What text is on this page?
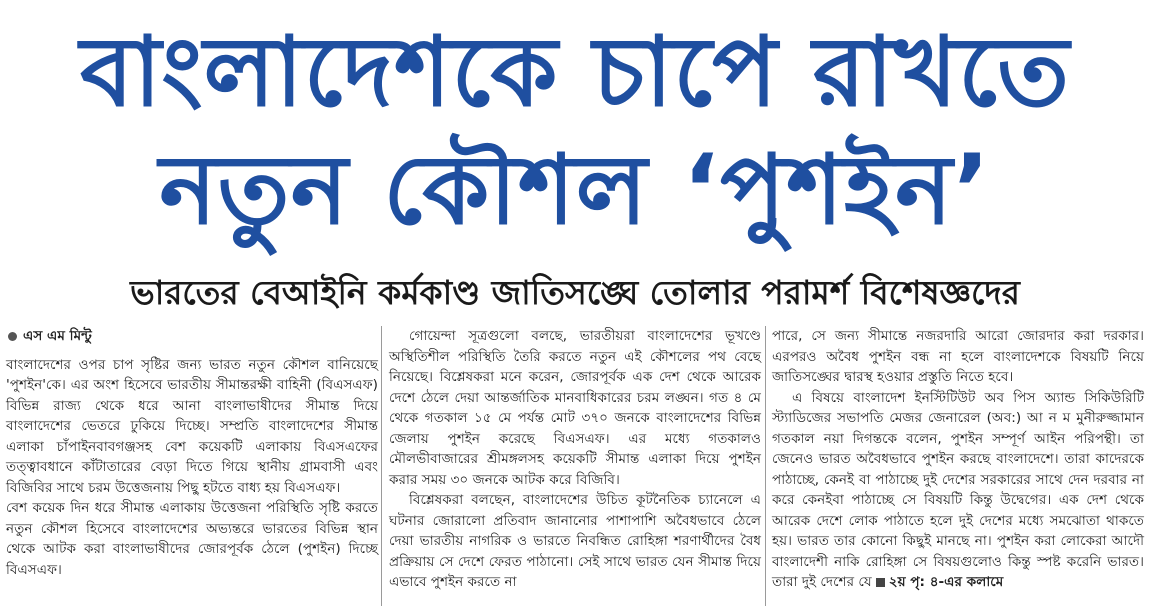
বাংলাদেশকে চাপে রাখতে
নতুন কৌশল ‘পুশইন’
ভারতের বেআইনি কর্মকাণ্ড জাতিসঙ্ঘে তোলার পরামর্শ বিশেষজ্ঞদের

এস এম মিন্টু

বাংলাদেশের ওপর চাপ সৃষ্টির জন্য ভারত নতুন কৌশল বানিয়েছে 'পুশইন'কে। এর অংশ হিসেবে ভারতীয় সীমান্তরক্ষী বাহিনী (বিএসএফ) বিভিন্ন রাজ্য থেকে ধরে আনা বাংলাভাষীদের সীমান্ত দিয়ে বাংলাদেশের ভেতরে ঢুকিয়ে দিচ্ছে। সম্প্রতি বাংলাদেশের সীমান্ত এলাকা চাঁপাইনবাবগঞ্জসহ বেশ কয়েকটি এলাকায় বিএসএফের তত্ত্বাবধানে কাঁটাতারের বেড়া দিতে গিয়ে স্থানীয় গ্রামবাসী এবং বিজিবির সাথে চরম উত্তেজনায় পিছু হটতে বাধ্য হয় বিএসএফ।

বেশ কয়েক দিন ধরে সীমান্ত এলাকায় উত্তেজনা পরিস্থিতি সৃষ্টি করতে নতুন কৌশল হিসেবে বাংলাদেশের অভ্যন্তরে ভারতের বিভিন্ন স্থান থেকে আটক করা বাংলাভাষীদের জোরপূর্বক ঠেলে (পুশইন) দিচ্ছে বিএসএফ।

গোয়েন্দা সূত্রগুলো বলছে, ভারতীয়রা বাংলাদেশের ভূখণ্ডে অস্থিতিশীল পরিস্থিতি তৈরি করতে নতুন এই কৌশলের পথ বেছে নিয়েছে। বিশ্লেষকরা মনে করেন, জোরপূর্বক এক দেশ থেকে আরেক দেশে ঠেলে দেয়া আন্তর্জাতিক মানবাধিকারের চরম লঙ্ঘন। গত ৪ মে থেকে গতকাল ১৫ মে পর্যন্ত মোট ৩৭০ জনকে বাংলাদেশের বিভিন্ন জেলায় পুশইন করেছে বিএসএফ। এর মধ্যে গতকালও মৌলভীবাজারের শ্রীমঙ্গলসহ কয়েকটি সীমান্ত এলাকা দিয়ে পুশইন করার সময় ৩০ জনকে আটক করে বিজিবি।

বিশ্লেষকরা বলছেন, বাংলাদেশের উচিত কূটনৈতিক চ্যানেলে এ ঘটনার জোরালো প্রতিবাদ জানানোর পাশাপাশি অবৈধভাবে ঠেলে দেয়া ভারতীয় নাগরিক ও ভারতে নিবন্ধিত রোহিঙ্গা শরণার্থীদের বৈধ প্রক্রিয়ায় সে দেশে ফেরত পাঠানো। সেই সাথে ভারত যেন সীমান্ত দিয়ে এভাবে পুশইন করতে না

পারে, সে জন্য সীমান্তে নজরদারি আরো জোরদার করা দরকার। এরপরও অবৈধ পুশইন বন্ধ না হলে বাংলাদেশকে বিষয়টি নিয়ে জাতিসঙ্ঘের দ্বারস্থ হওয়ার প্রস্তুতি নিতে হবে।

এ বিষয়ে বাংলাদেশ ইনস্টিটিউট অব পিস অ্যান্ড সিকিউরিটি স্ট্যাডিজের সভাপতি মেজর জেনারেল (অব:) আ ন ম মুনীরুজ্জামান গতকাল নয়া দিগন্তকে বলেন, পুশইন সম্পূর্ণ আইন পরিপন্থী। তা জেনেও ভারত অবৈধভাবে পুশইন করছে বাংলাদেশে। তারা কাদেরকে পাঠাচ্ছে, কেনই বা পাঠাচ্ছে দুই দেশের সরকারের সাথে দেন দরবার না করে কেনইবা পাঠাচ্ছে সে বিষয়টি কিন্তু উদ্বেগের। এক দেশ থেকে আরেক দেশে লোক পাঠাতে হলে দুই দেশের মধ্যে সমঝোতা থাকতে হয়। ভারত তার কোনো কিছুই মানছে না। পুশইন করা লোকেরা আদৌ বাংলাদেশী নাকি রোহিঙ্গা সে বিষয়গুলোও কিন্তু স্পষ্ট করেনি ভারত। তারা দুই দেশের যে ২য় পৃ: ৪-এর কলামে
